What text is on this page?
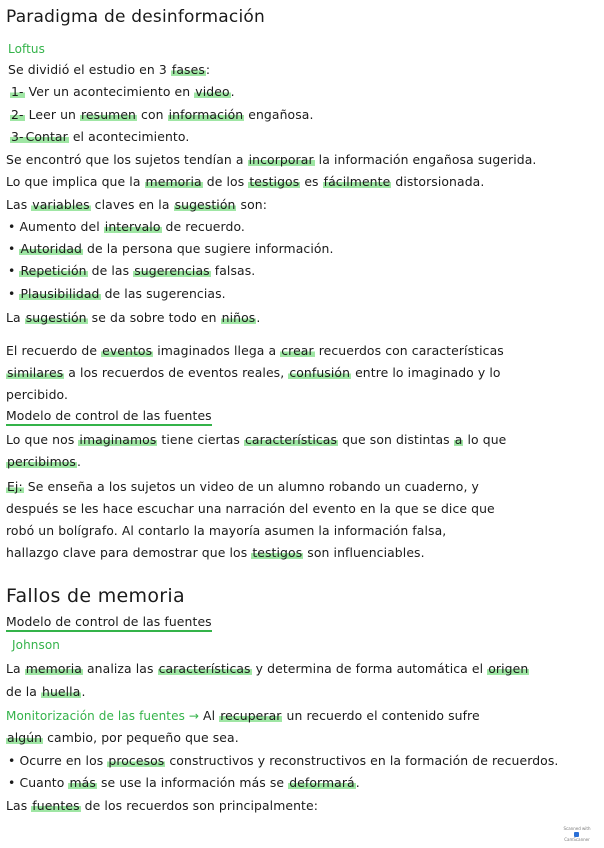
Paradigma de desinformación
Loftus
Se dividió el estudio en 3 fases:
1- Ver un acontecimiento en video.
2- Leer un resumen con información engañosa.
3- Contar el acontecimiento.
Se encontró que los sujetos tendían a incorporar la información engañosa sugerida.
Lo que implica que la memoria de los testigos es fácilmente distorsionada.
Las variables claves en la sugestión son:
• Aumento del intervalo de recuerdo.
• Autoridad de la persona que sugiere información.
• Repetición de las sugerencias falsas.
• Plausibilidad de las sugerencias.
La sugestión se da sobre todo en niños.
El recuerdo de eventos imaginados llega a crear recuerdos con características
similares a los recuerdos de eventos reales, confusión entre lo imaginado y lo
percibido.
Modelo de control de las fuentes
Lo que nos imaginamos tiene ciertas características que son distintas a lo que
percibimos.
Ej: Se enseña a los sujetos un video de un alumno robando un cuaderno, y
después se les hace escuchar una narración del evento en la que se dice que
robó un bolígrafo. Al contarlo la mayoría asumen la información falsa,
hallazgo clave para demostrar que los testigos son influenciables.
Fallos de memoria
Modelo de control de las fuentes
Johnson
La memoria analiza las características y determina de forma automática el origen
de la huella.
Monitorización de las fuentes → Al recuperar un recuerdo el contenido sufre
algún cambio, por pequeño que sea.
• Ocurre en los procesos constructivos y reconstructivos en la formación de recuerdos.
• Cuanto más se use la información más se deformará.
Las fuentes de los recuerdos son principalmente:
Scanned with
CamScanner
